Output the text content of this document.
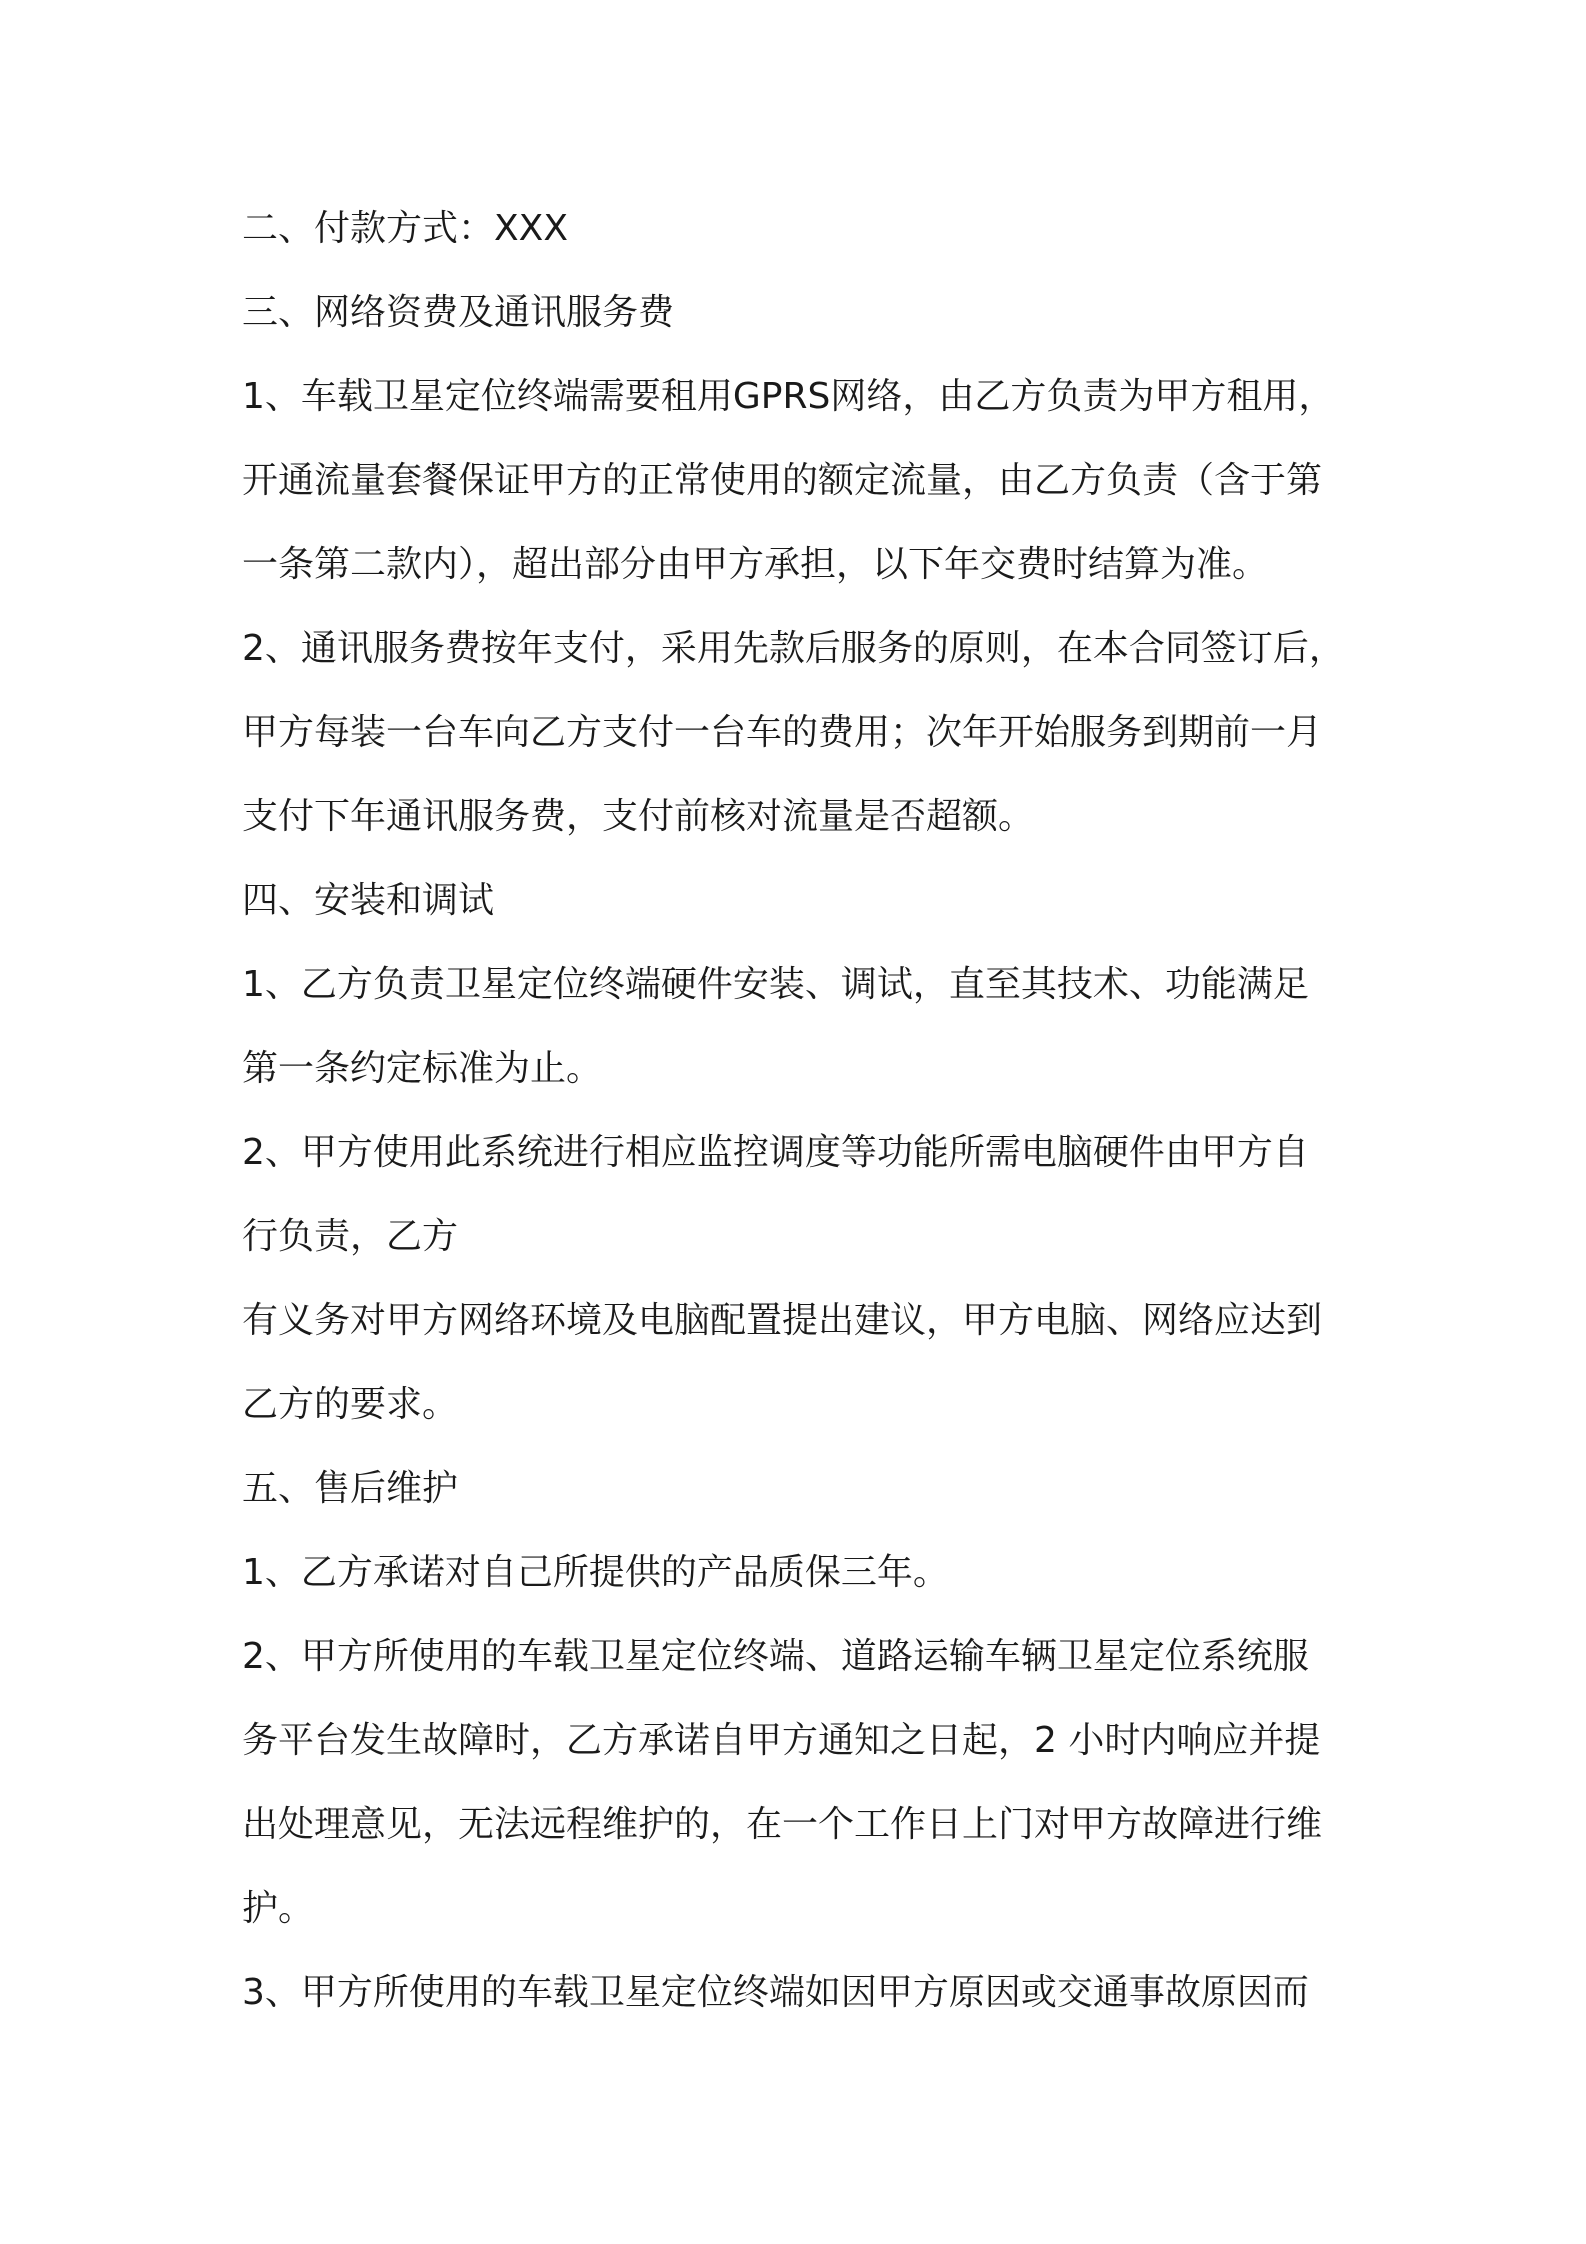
二、付款方式：XXX

三、网络资费及通讯服务费

1、车载卫星定位终端需要租用GPRS网络，由乙方负责为甲方租用，

开通流量套餐保证甲方的正常使用的额定流量，由乙方负责（含于第

一条第二款内），超出部分由甲方承担，以下年交费时结算为准。

2、通讯服务费按年支付，采用先款后服务的原则，在本合同签订后，

甲方每装一台车向乙方支付一台车的费用；次年开始服务到期前一月

支付下年通讯服务费，支付前核对流量是否超额。

四、安装和调试

1、乙方负责卫星定位终端硬件安装、调试，直至其技术、功能满足

第一条约定标准为止。

2、甲方使用此系统进行相应监控调度等功能所需电脑硬件由甲方自

行负责，乙方

有义务对甲方网络环境及电脑配置提出建议，甲方电脑、网络应达到

乙方的要求。

五、售后维护

1、乙方承诺对自己所提供的产品质保三年。

2、甲方所使用的车载卫星定位终端、道路运输车辆卫星定位系统服

务平台发生故障时，乙方承诺自甲方通知之日起，2 小时内响应并提

出处理意见，无法远程维护的，在一个工作日上门对甲方故障进行维

护。

3、甲方所使用的车载卫星定位终端如因甲方原因或交通事故原因而
